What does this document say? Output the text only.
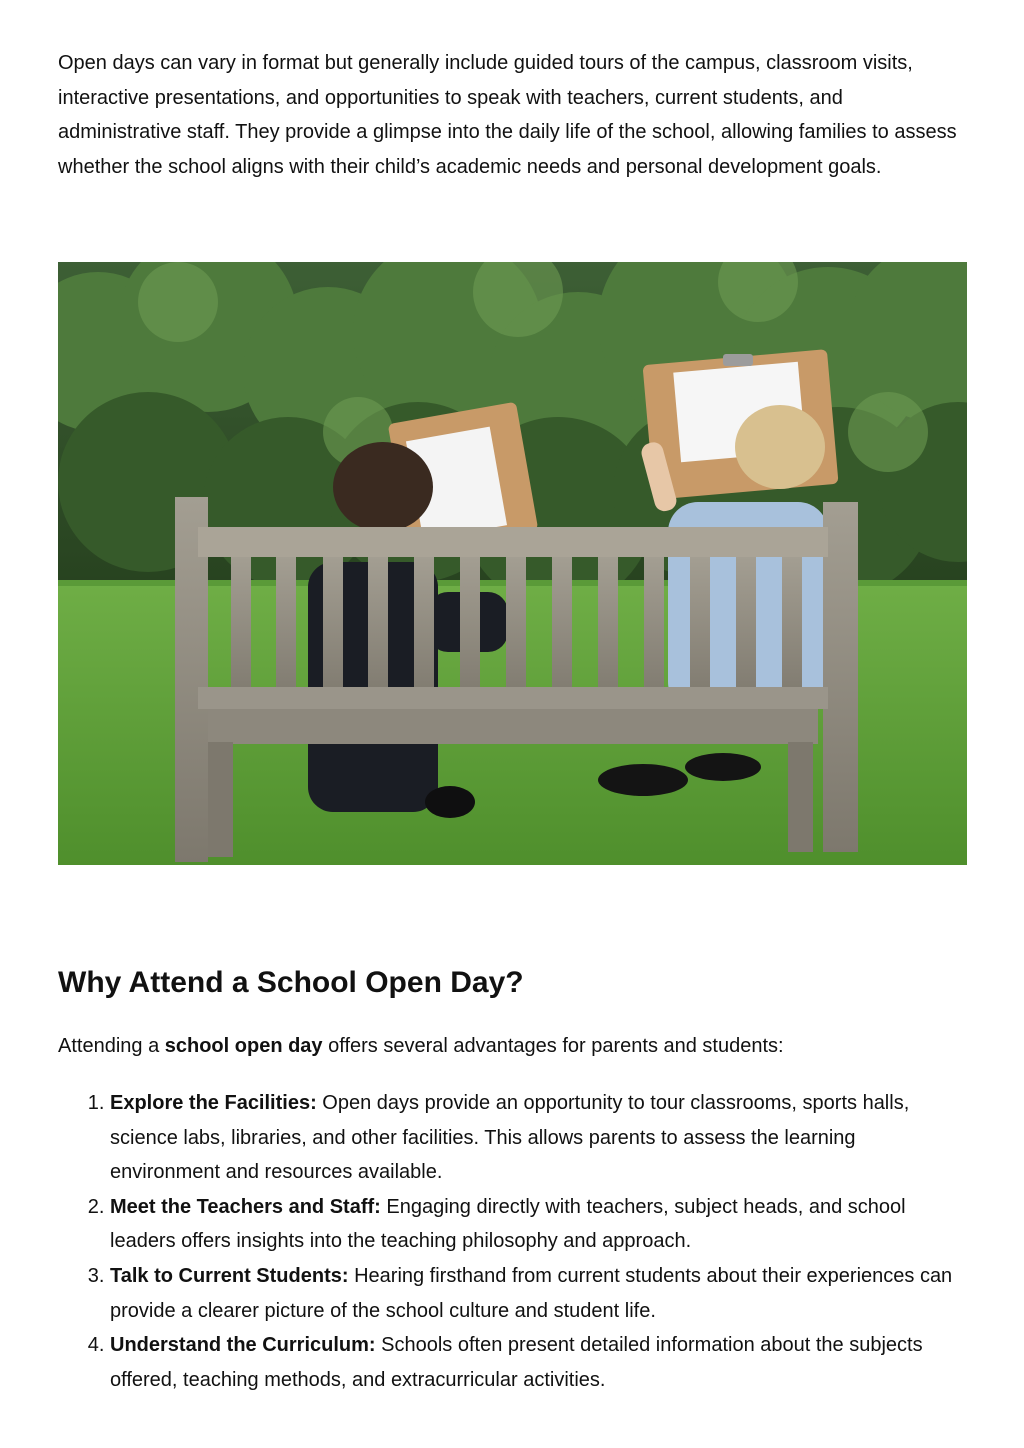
Open days can vary in format but generally include guided tours of the campus, classroom visits, interactive presentations, and opportunities to speak with teachers, current students, and administrative staff. They provide a glimpse into the daily life of the school, allowing families to assess whether the school aligns with their child’s academic needs and personal development goals.

Why Attend a School Open Day?

Attending a school open day offers several advantages for parents and students:

1. Explore the Facilities: Open days provide an opportunity to tour classrooms, sports halls, science labs, libraries, and other facilities. This allows parents to assess the learning environment and resources available.
2. Meet the Teachers and Staff: Engaging directly with teachers, subject heads, and school leaders offers insights into the teaching philosophy and approach.
3. Talk to Current Students: Hearing firsthand from current students about their experiences can provide a clearer picture of the school culture and student life.
4. Understand the Curriculum: Schools often present detailed information about the subjects offered, teaching methods, and extracurricular activities.
